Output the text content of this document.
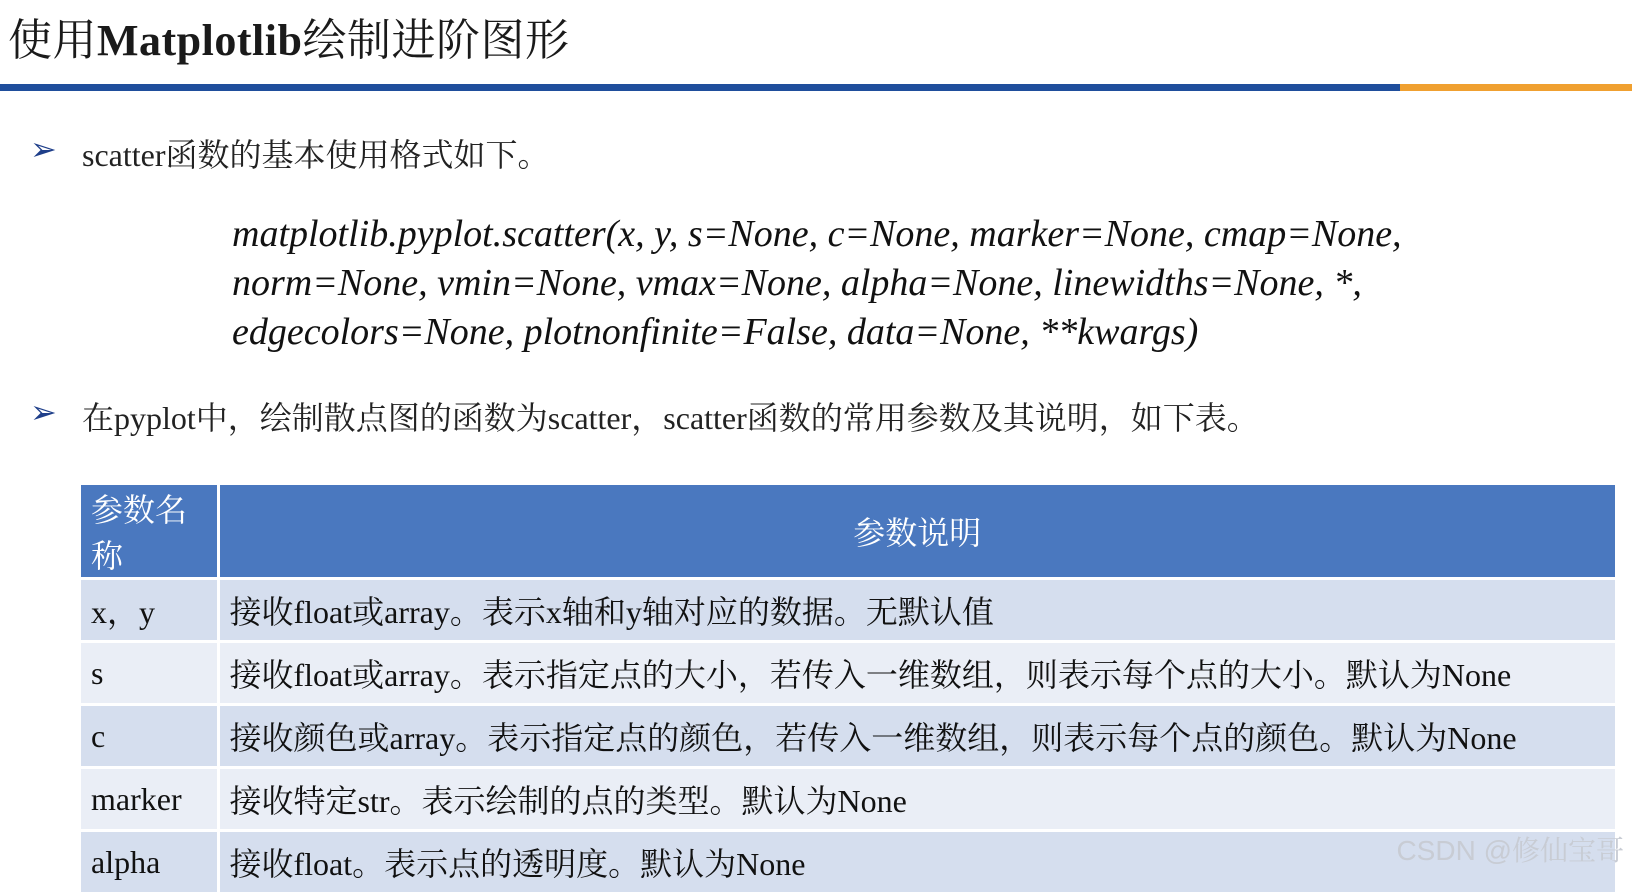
使用Matplotlib绘制进阶图形
➢ scatter函数的基本使用格式如下。
matplotlib.pyplot.scatter(x, y, s=None, c=None, marker=None, cmap=None,
norm=None, vmin=None, vmax=None, alpha=None, linewidths=None, *,
edgecolors=None, plotnonfinite=False, data=None, **kwargs)
➢ 在pyplot中，绘制散点图的函数为scatter，scatter函数的常用参数及其说明，如下表。
参数名称	参数说明
x，y	接收float或array。表示x轴和y轴对应的数据。无默认值
s	接收float或array。表示指定点的大小，若传入一维数组，则表示每个点的大小。默认为None
c	接收颜色或array。表示指定点的颜色，若传入一维数组，则表示每个点的颜色。默认为None
marker	接收特定str。表示绘制的点的类型。默认为None
alpha	接收float。表示点的透明度。默认为None	CSDN @修仙宝哥
